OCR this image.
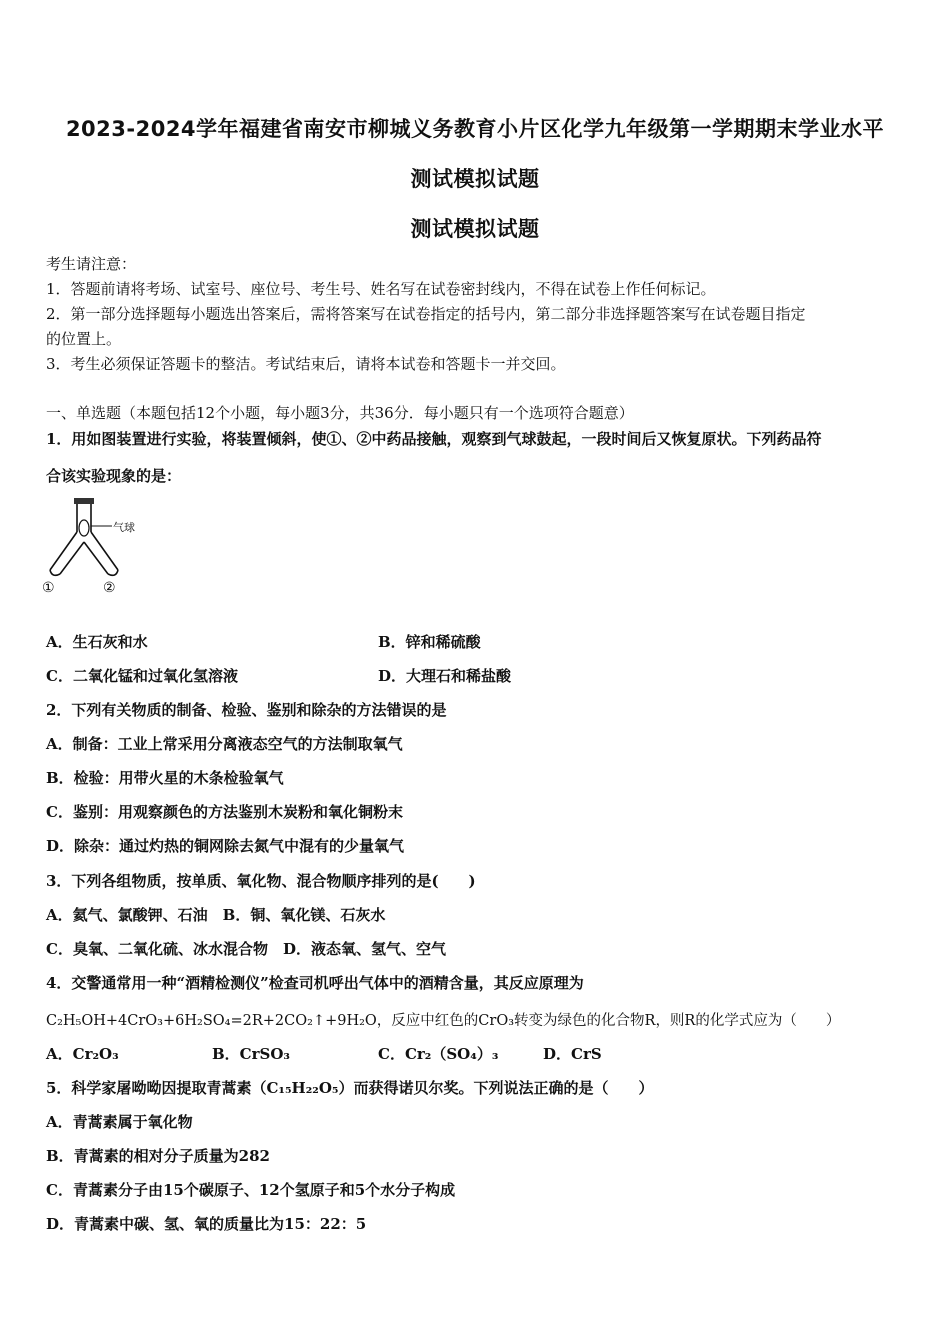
2023-2024学年福建省南安市柳城义务教育小片区化学九年级第一学期期末学业水平
测试模拟试题
测试模拟试题
考生请注意：
1．答题前请将考场、试室号、座位号、考生号、姓名写在试卷密封线内，不得在试卷上作任何标记。
2．第一部分选择题每小题选出答案后，需将答案写在试卷指定的括号内，第二部分非选择题答案写在试卷题目指定
的位置上。
3．考生必须保证答题卡的整洁。考试结束后，请将本试卷和答题卡一并交回。
一、单选题（本题包括12个小题，每小题3分，共36分．每小题只有一个选项符合题意）
1．用如图装置进行实验，将装置倾斜，使①、②中药品接触，观察到气球鼓起，一段时间后又恢复原状。下列药品符
合该实验现象的是：
气球
①	②
A．生石灰和水	B．锌和稀硫酸
C．二氧化锰和过氧化氢溶液	D．大理石和稀盐酸
2．下列有关物质的制备、检验、鉴别和除杂的方法错误的是
A．制备：工业上常采用分离液态空气的方法制取氧气
B．检验：用带火星的木条检验氧气
C．鉴别：用观察颜色的方法鉴别木炭粉和氧化铜粉末
D．除杂：通过灼热的铜网除去氮气中混有的少量氧气
3．下列各组物质，按单质、氧化物、混合物顺序排列的是(　　)
A．氦气、氯酸钾、石油　B．铜、氧化镁、石灰水
C．臭氧、二氧化硫、冰水混合物　D．液态氧、氢气、空气
4．交警通常用一种“酒精检测仪”检查司机呼出气体中的酒精含量，其反应原理为
C₂H₅OH+4CrO₃+6H₂SO₄=2R+2CO₂↑+9H₂O，反应中红色的CrO₃转变为绿色的化合物R，则R的化学式应为（　　）
A．Cr₂O₃	B．CrSO₃	C．Cr₂（SO₄）₃	D．CrS
5．科学家屠呦呦因提取青蒿素（C₁₅H₂₂O₅）而获得诺贝尔奖。下列说法正确的是（　　）
A．青蒿素属于氧化物
B．青蒿素的相对分子质量为282
C．青蒿素分子由15个碳原子、12个氢原子和5个水分子构成
D．青蒿素中碳、氢、氧的质量比为15：22：5
